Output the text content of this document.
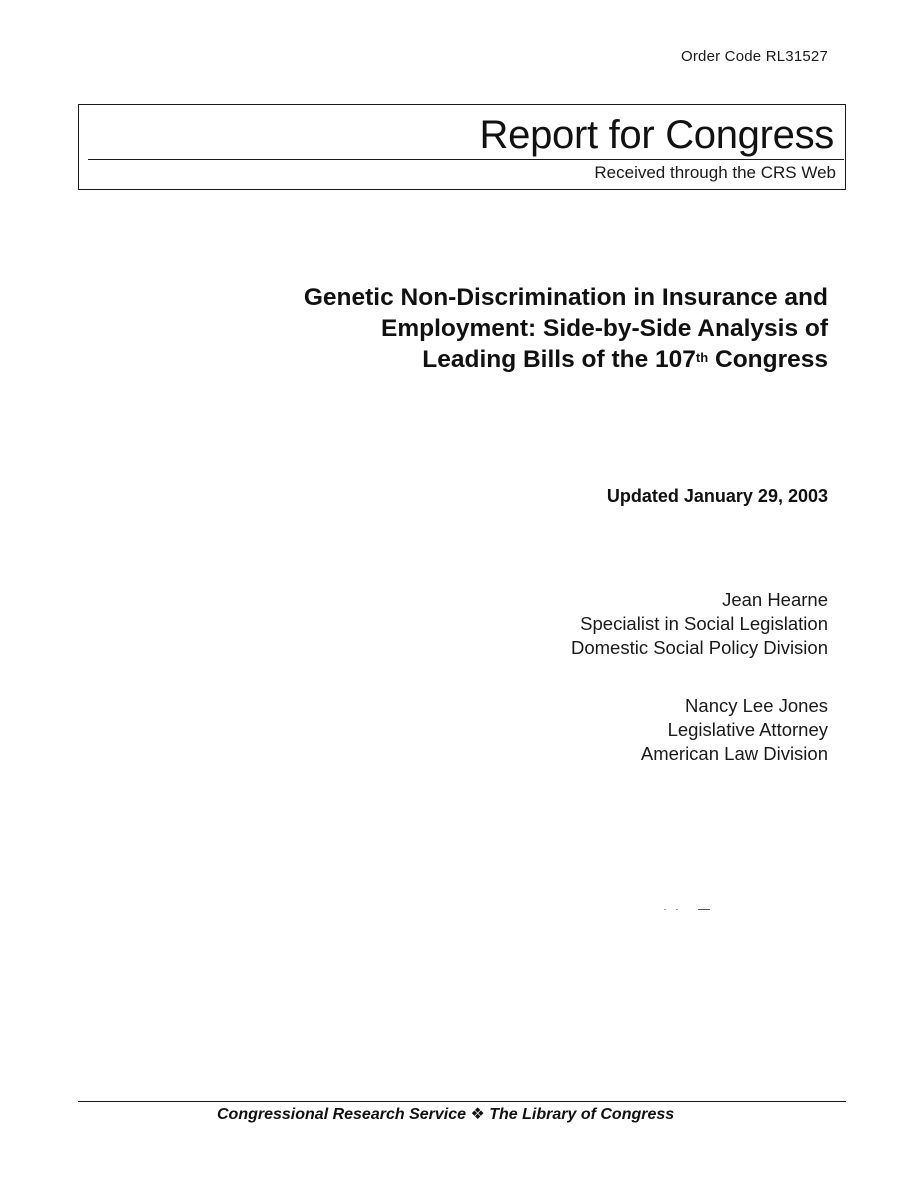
Order Code RL31527
Report for Congress
Received through the CRS Web
Genetic Non-Discrimination in Insurance and
Employment: Side-by-Side Analysis of
Leading Bills of the 107th Congress
Updated January 29, 2003
Jean Hearne
Specialist in Social Legislation
Domestic Social Policy Division
Nancy Lee Jones
Legislative Attorney
American Law Division
Congressional Research Service ❖ The Library of Congress
